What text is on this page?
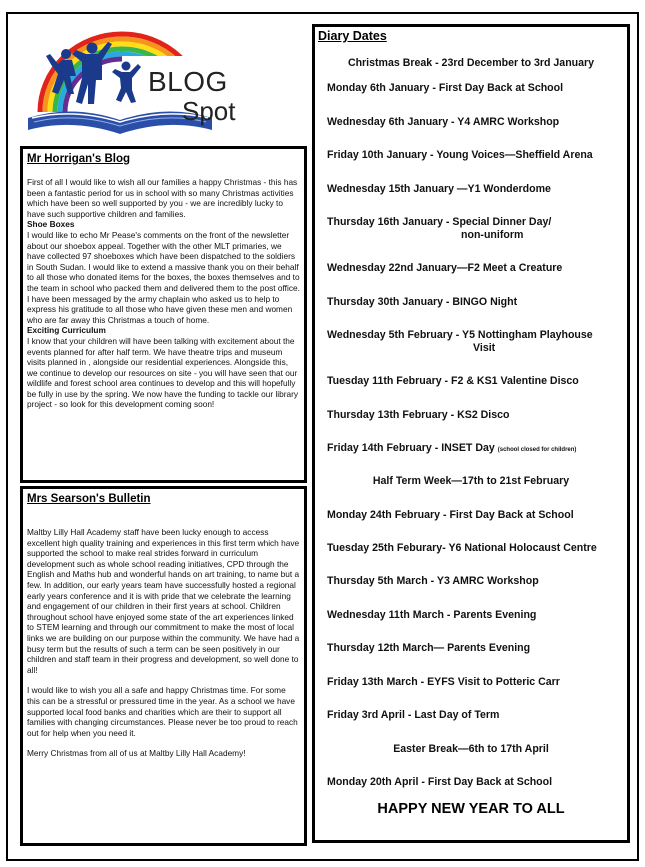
BLOG
Spot
Mr Horrigan's Blog

First of all I would like to wish all our families a happy Christmas - this has been a fantastic period for us in school with so many Christmas activities which have been so well supported by you - we are incredibly lucky to have such supportive children and families.

Shoe Boxes

I would like to echo Mr Pease's comments on the front of the newsletter about our shoebox appeal. Together with the other MLT primaries, we have collected 97 shoeboxes which have been dispatched to the soldiers in South Sudan. I would like to extend a massive thank you on their behalf to all those who donated items for the boxes, the boxes themselves and to the team in school who packed them and delivered them to the post office. I have been messaged by the army chaplain who asked us to help to express his gratitude to all those who have given these men and women who are far away this Christmas a touch of home.

Exciting Curriculum

I know that your children will have been talking with excitement about the events planned for after half term. We have theatre trips and museum visits planned in , alongside our residential experiences. Alongside this, we continue to develop our resources on site - you will have seen that our wildlife and forest school area continues to develop and this will hopefully be fully in use by the spring. We now have the funding to tackle our library project - so look for this development coming soon!

Mrs Searson's Bulletin

Maltby Lilly Hall Academy staff have been lucky enough to access excellent high quality training and experiences in this first term which have supported the school to make real strides forward in curriculum development such as whole school reading initiatives, CPD through the English and Maths hub and wonderful hands on art training, to name but a few. In addition, our early years team have successfully hosted a regional early years conference and it is with pride that we celebrate the learning and engagement of our children in their first years at school. Children throughout school have enjoyed some state of the art experiences linked to STEM learning and through our commitment to make the most of local links we are building on our purpose within the community. We have had a busy term but the results of such a term can be seen positively in our children and staff team in their progress and development, so well done to all!

I would like to wish you all a safe and happy Christmas time. For some this can be a stressful or pressured time in the year. As a school we have supported local food banks and charities which are their to support all families with changing circumstances. Please never be too proud to reach out for help when you need it.

Merry Christmas from all of us at Maltby Lilly Hall Academy!

Diary Dates
Christmas Break - 23rd December to 3rd January
Monday 6th January - First Day Back at School
Wednesday 6th January - Y4 AMRC Workshop
Friday 10th January - Young Voices—Sheffield Arena
Wednesday 15th January —Y1 Wonderdome
Thursday 16th January - Special Dinner Day/
non-uniform
Wednesday 22nd January—F2 Meet a Creature
Thursday 30th January - BINGO Night
Wednesday 5th February - Y5 Nottingham Playhouse
Visit
Tuesday 11th February - F2 & KS1 Valentine Disco
Thursday 13th February - KS2 Disco
Friday 14th February - INSET Day (school closed for children)
Half Term Week—17th to 21st February
Monday 24th February - First Day Back at School
Tuesday 25th Feburary- Y6 National Holocaust Centre
Thursday 5th March - Y3 AMRC Workshop
Wednesday 11th March - Parents Evening
Thursday 12th March— Parents Evening
Friday 13th March - EYFS Visit to Potteric Carr
Friday 3rd April - Last Day of Term
Easter Break—6th to 17th April
Monday 20th April - First Day Back at School
HAPPY NEW YEAR TO ALL
